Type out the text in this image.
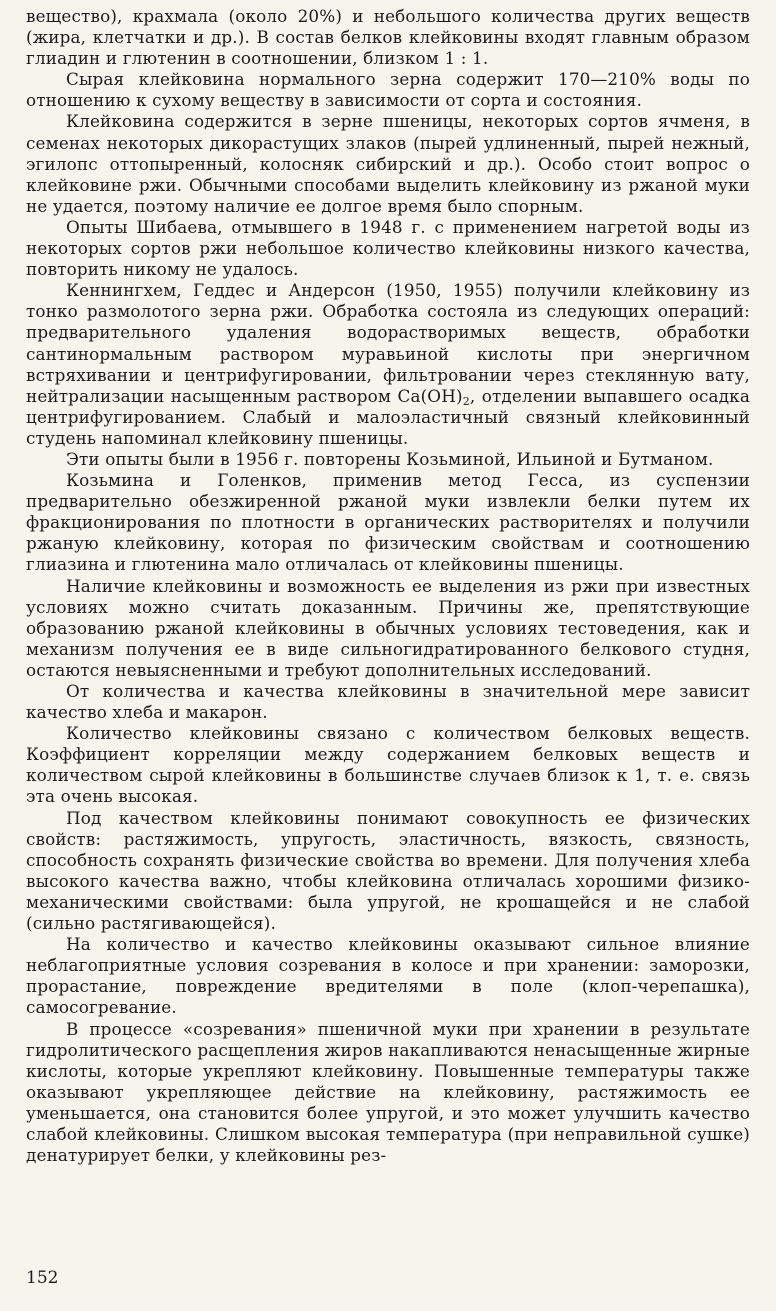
вещество), крахмала (около 20%) и небольшого количества других веществ (жира, клетчатки и др.). В состав белков клейковины входят главным образом глиадин и глютенин в соотношении, близком 1 : 1.

Сырая клейковина нормального зерна содержит 170—210% воды по отношению к сухому веществу в зависимости от сорта и состояния.

Клейковина содержится в зерне пшеницы, некоторых сортов ячменя, в семенах некоторых дикорастущих злаков (пырей удлиненный, пырей нежный, эгилопс оттопыренный, колосняк сибирский и др.). Особо стоит вопрос о клейковине ржи. Обычными способами выделить клейковину из ржаной муки не удается, поэтому наличие ее долгое время было спорным.

Опыты Шибаева, отмывшего в 1948 г. с применением нагретой воды из некоторых сортов ржи небольшое количество клейковины низкого качества, повторить никому не удалось.

Кеннингхем, Геддес и Андерсон (1950, 1955) получили клейковину из тонко размолотого зерна ржи. Обработка состояла из следующих операций: предварительного удаления водорастворимых веществ, обработки сантинормальным раствором муравьиной кислоты при энергичном встряхивании и центрифугировании, фильтровании через стеклянную вату, нейтрализации насыщенным раствором $Ca(OH)_2$, отделении выпавшего осадка центрифугированием. Слабый и малоэластичный связный клейковинный студень напоминал клейковину пшеницы.

Эти опыты были в 1956 г. повторены Козьминой, Ильиной и Бутманом.

Козьмина и Голенков, применив метод Гесса, из суспензии предварительно обезжиренной ржаной муки извлекли белки путем их фракционирования по плотности в органических растворителях и получили ржаную клейковину, которая по физическим свойствам и соотношению глиазина и глютенина мало отличалась от клейковины пшеницы.

Наличие клейковины и возможность ее выделения из ржи при известных условиях можно считать доказанным. Причины же, препятствующие образованию ржаной клейковины в обычных условиях тестоведения, как и механизм получения ее в виде сильногидратированного белкового студня, остаются невыясненными и требуют дополнительных исследований.

От количества и качества клейковины в значительной мере зависит качество хлеба и макарон.

Количество клейковины связано с количеством белковых веществ. Коэффициент корреляции между содержанием белковых веществ и количеством сырой клейковины в большинстве случаев близок к 1, т. е. связь эта очень высокая.

Под качеством клейковины понимают совокупность ее физических свойств: растяжимость, упругость, эластичность, вязкость, связность, способность сохранять физические свойства во времени. Для получения хлеба высокого качества важно, чтобы клейковина отличалась хорошими физико-механическими свойствами: была упругой, не крошащейся и не слабой (сильно растягивающейся).

На количество и качество клейковины оказывают сильное влияние неблагоприятные условия созревания в колосе и при хранении: заморозки, прорастание, повреждение вредителями в поле (клоп-черепашка), самосогревание.

В процессе «созревания» пшеничной муки при хранении в результате гидролитического расщепления жиров накапливаются ненасыщенные жирные кислоты, которые укрепляют клейковину. Повышенные температуры также оказывают укрепляющее действие на клейковину, растяжимость ее уменьшается, она становится более упругой, и это может улучшить качество слабой клейковины. Слишком высокая температура (при неправильной сушке) денатурирует белки, у клейковины рез-

152
